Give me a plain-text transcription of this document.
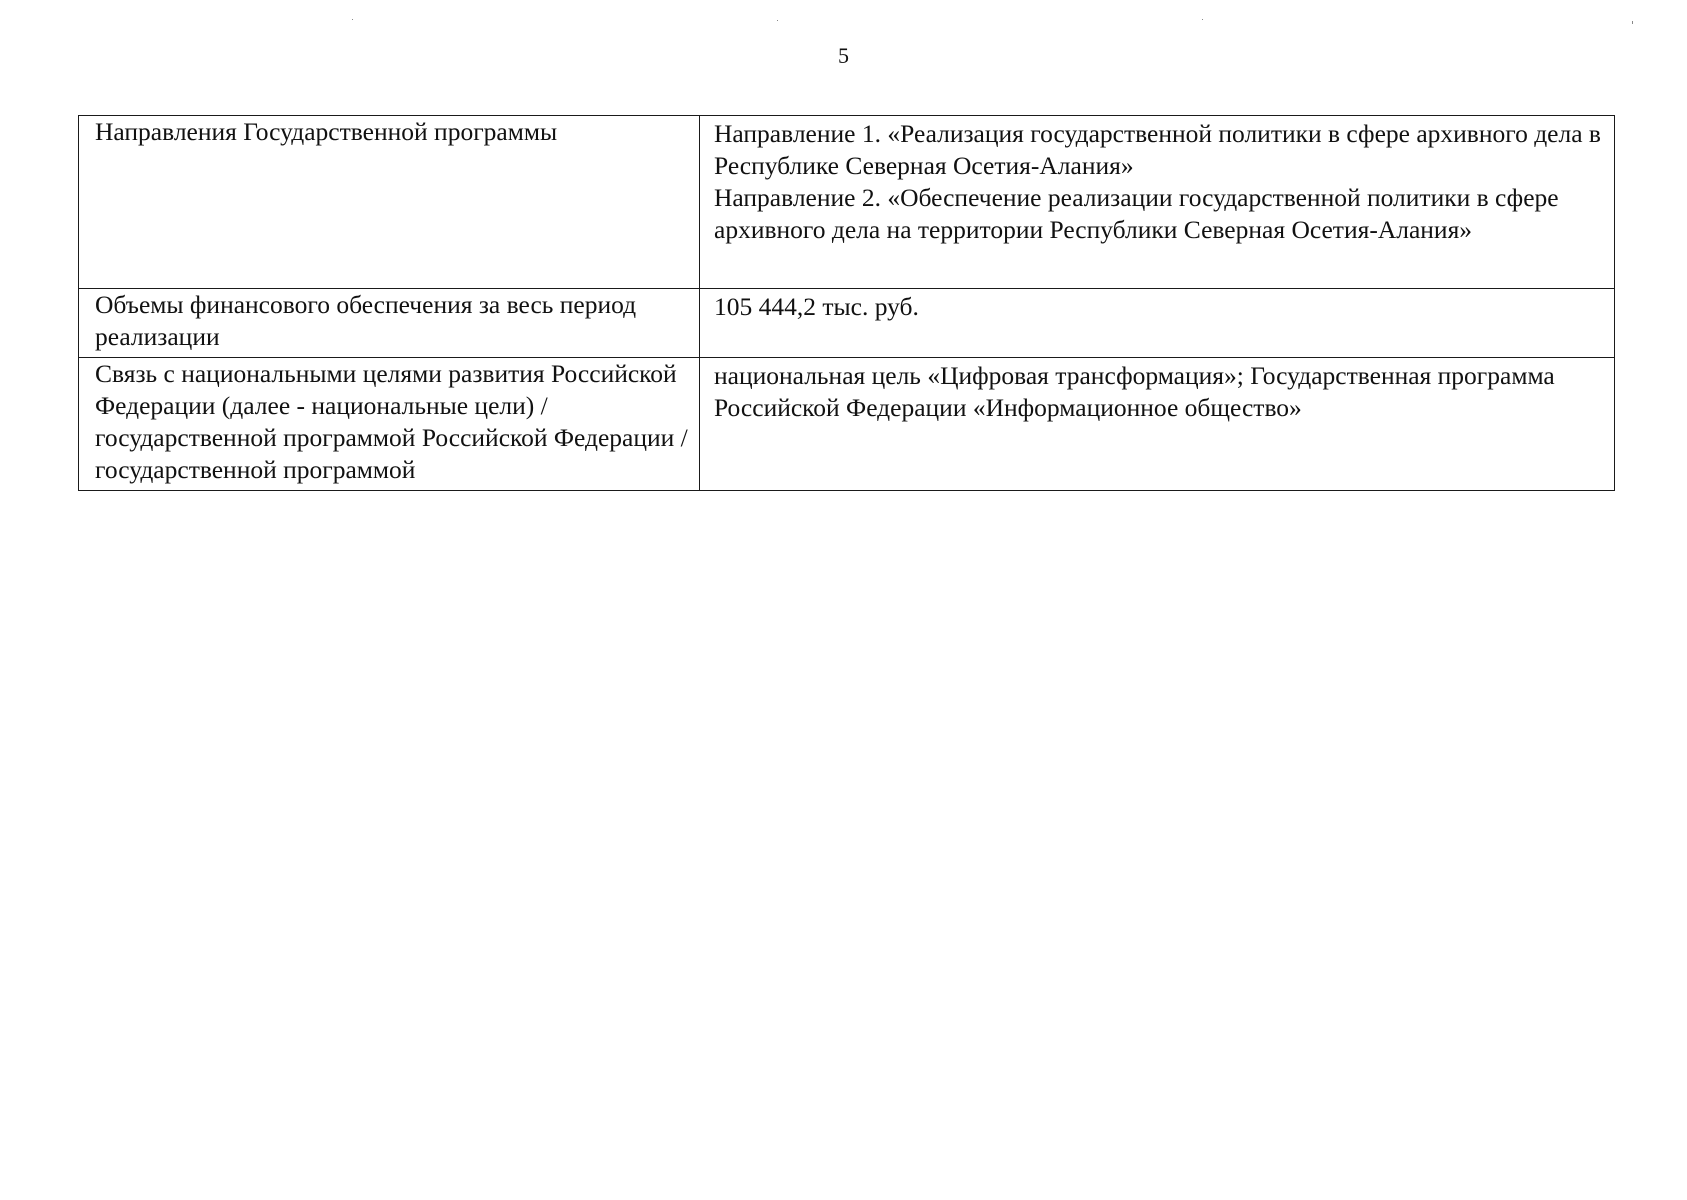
5
Направления Государственной программы	Направление 1. «Реализация государственной политики в сфере архивного дела в Республике Северная Осетия-Алания»
Направление 2. «Обеспечение реализации государственной политики в сфере архивного дела на территории Республики Северная Осетия-Алания»

Объемы финансового обеспечения за весь период реализации	105 444,2 тыс. руб.

Связь с национальными целями развития Российской Федерации (далее - национальные цели) / государственной программой Российской Федерации / государственной программой	национальная цель «Цифровая трансформация»; Государственная программа Российской Федерации «Информационное общество»
